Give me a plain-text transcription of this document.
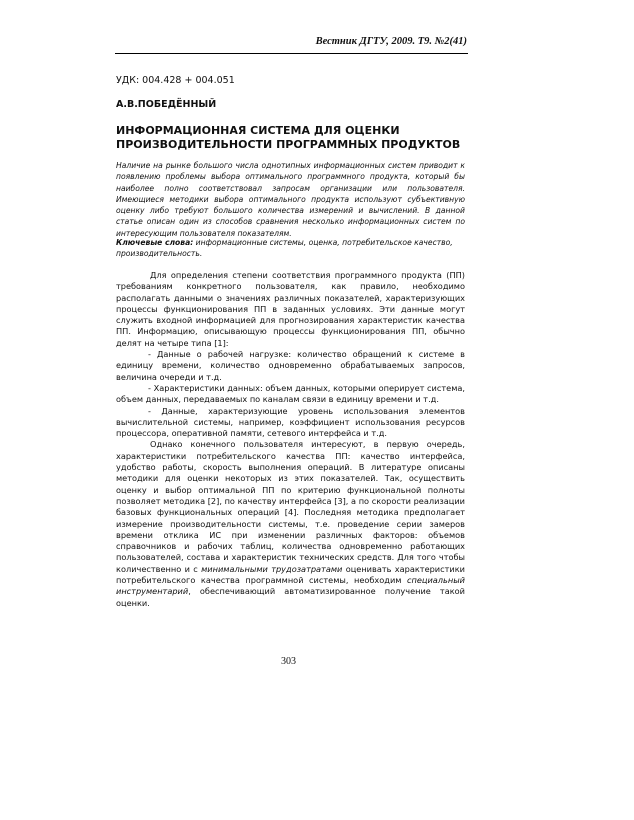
Вестник ДГТУ, 2009. Т9. №2(41)
УДК: 004.428 + 004.051
А.В.ПОБЕДЁННЫЙ
ИНФОРМАЦИОННАЯ СИСТЕМА ДЛЯ ОЦЕНКИ
ПРОИЗВОДИТЕЛЬНОСТИ ПРОГРАММНЫХ ПРОДУКТОВ
Наличие на рынке большого числа однотипных информационных систем приводит к появлению проблемы выбора оптимального программного продукта, который бы наиболее полно соответствовал запросам организации или пользователя. Имеющиеся методики выбора оптимального продукта используют субъективную оценку либо требуют большого количества измерений и вычислений. В данной статье описан один из способов сравнения несколько информационных систем по интересующим пользователя показателям.
Ключевые слова: информационные системы, оценка, потребительское качество, производительность.

Для определения степени соответствия программного продукта (ПП) требованиям конкретного пользователя, как правило, необходимо располагать данными о значениях различных показателей, характеризующих процессы функционирования ПП в заданных условиях. Эти данные могут служить входной информацией для прогнозирования характеристик качества ПП. Информацию, описывающую процессы функционирования ПП, обычно делят на четыре типа [1]:

- Данные о рабочей нагрузке: количество обращений к системе в единицу времени, количество одновременно обрабатываемых запросов, величина очереди и т.д.

- Характеристики данных: объем данных, которыми оперирует система, объем данных, передаваемых по каналам связи в единицу времени и т.д.

- Данные, характеризующие уровень использования элементов вычислительной системы, например, коэффициент использования ресурсов процессора, оперативной памяти, сетевого интерфейса и т.д.

Однако конечного пользователя интересуют, в первую очередь, характеристики потребительского качества ПП: качество интерфейса, удобство работы, скорость выполнения операций. В литературе описаны методики для оценки некоторых из этих показателей. Так, осуществить оценку и выбор оптимальной ПП по критерию функциональной полноты позволяет методика [2], по качеству интерфейса [3], а по скорости реализации базовых функциональных операций [4]. Последняя методика предполагает измерение производительности системы, т.е. проведение серии замеров времени отклика ИС при изменении различных факторов: объемов справочников и рабочих таблиц, количества одновременно работающих пользователей, состава и характеристик технических средств. Для того чтобы количественно и с минимальными трудозатратами оценивать характеристики потребительского качества программной системы, необходим специальный инструментарий, обеспечивающий автоматизированное получение такой оценки.

303
